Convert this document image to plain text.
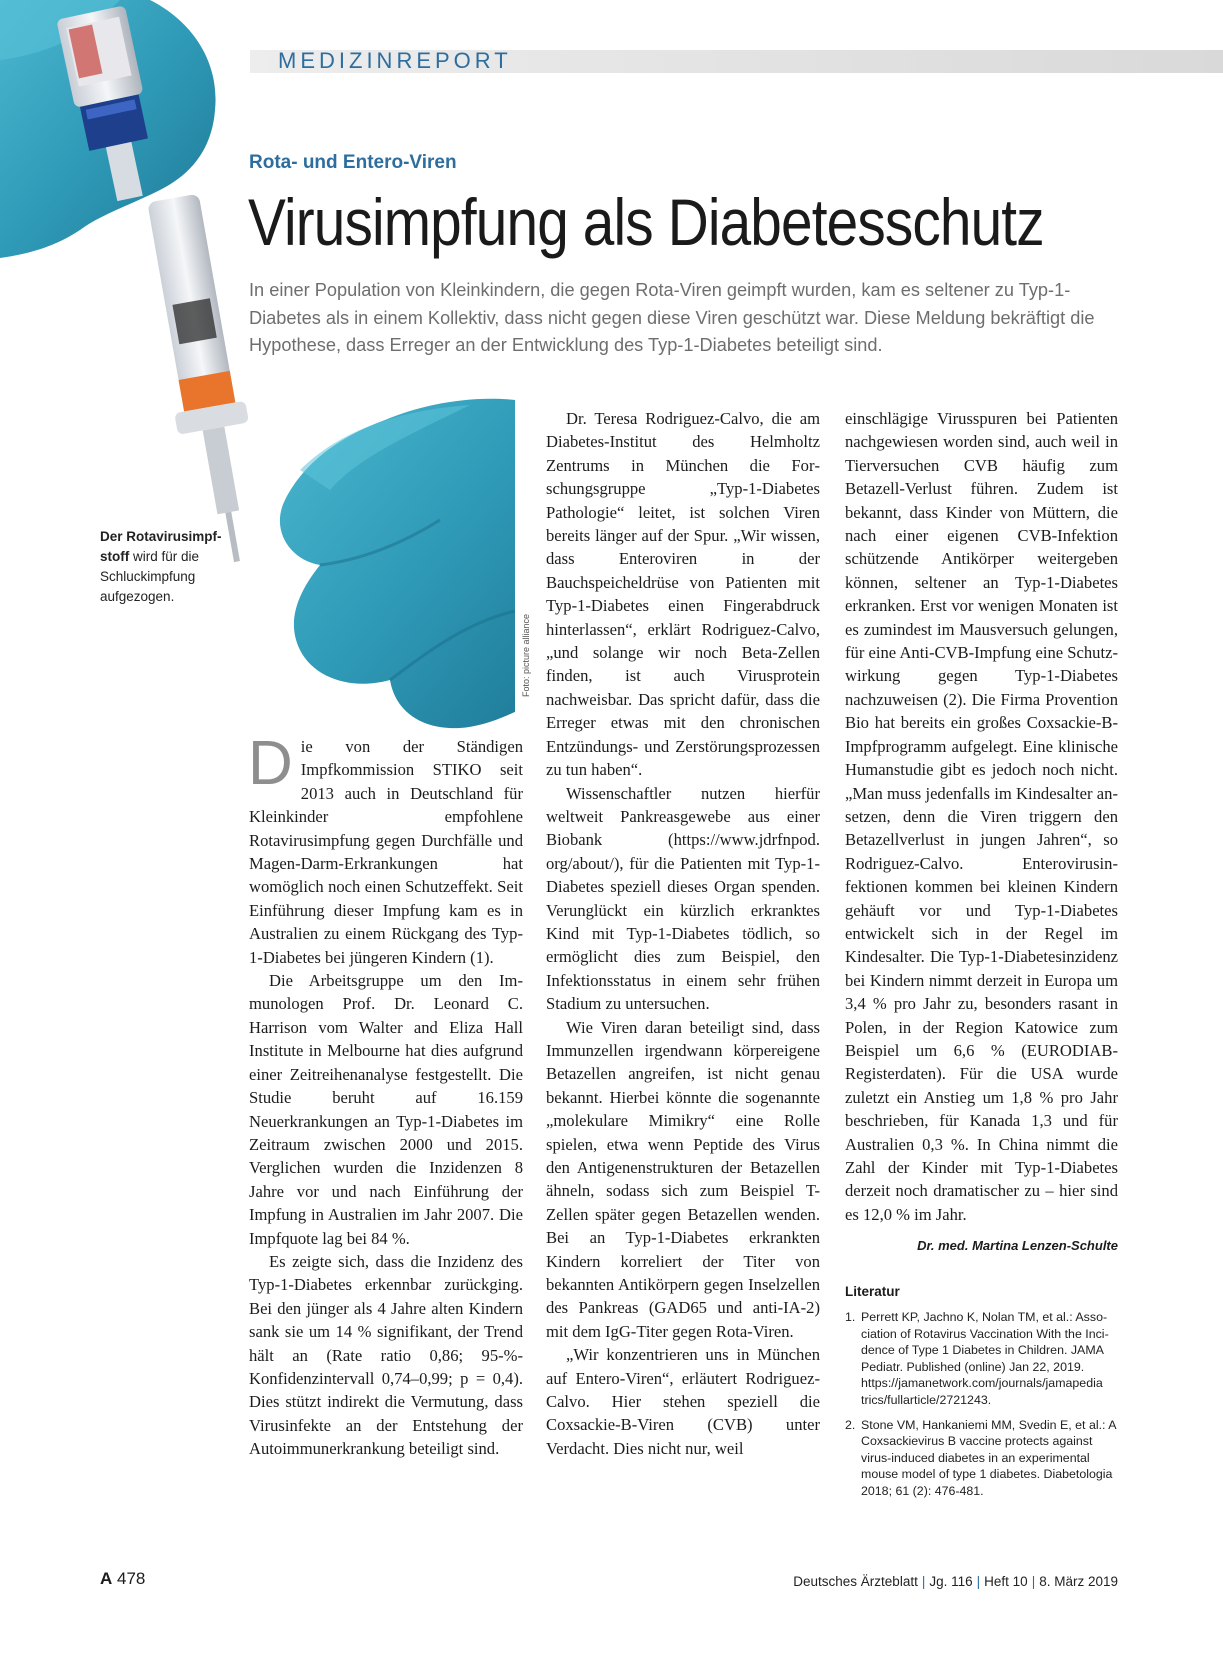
MEDIZINREPORT
Rota- und Entero-Viren
Virusimpfung als Diabetesschutz
In einer Population von Kleinkindern, die gegen Rota-Viren geimpft wurden, kam es seltener zu Typ-1-Diabetes als in einem Kollektiv, dass nicht gegen diese Viren geschützt war. Diese Meldung bekräftigt die Hypothese, dass Erreger an der Entwicklung des Typ-1-Diabetes beteiligt sind.
Der Rotavirusimpfstoff wird für die Schluckimpfung aufgezogen.
Foto: picture alliance

Die von der Ständigen Impfkommission STIKO seit 2013 auch in Deutschland für Kleinkinder empfohlene Rotavirusimpfung gegen Durchfälle und Magen-Darm-Erkrankungen hat womöglich noch einen Schutzeffekt. Seit Einführung dieser Impfung kam es in Australien zu einem Rückgang des Typ-1-Diabetes bei jüngeren Kindern (1).

Die Arbeitsgruppe um den Immunologen Prof. Dr. Leonard C. Harrison vom Walter and Eliza Hall Institute in Melbourne hat dies aufgrund einer Zeitreihenanalyse festgestellt. Die Studie beruht auf 16.159 Neuerkrankungen an Typ-1-Diabetes im Zeitraum zwischen 2000 und 2015. Verglichen wurden die Inzidenzen 8 Jahre vor und nach Einführung der Impfung in Australien im Jahr 2007. Die Impfquote lag bei 84 %.

Es zeigte sich, dass die Inzidenz des Typ-1-Diabetes erkennbar zurückging. Bei den jünger als 4 Jahre alten Kindern sank sie um 14 % signifikant, der Trend hält an (Rate ratio 0,86; 95-%-Konfidenzintervall 0,74–0,99; p = 0,4). Dies stützt indirekt die Vermutung, dass Virusinfekte an der Entstehung der Autoimmunerkrankung beteiligt sind.

Dr. Teresa Rodriguez-Calvo, die am Diabetes-Institut des Helmholtz Zentrums in München die Forschungsgruppe „Typ-1-Diabetes Pathologie“ leitet, ist solchen Viren bereits länger auf der Spur. „Wir wissen, dass Enteroviren in der Bauchspeicheldrüse von Patienten mit Typ-1-Diabetes einen Fingerabdruck hinterlassen“, erklärt Rodriguez-Calvo, „und solange wir noch Beta-Zellen finden, ist auch Virusprotein nachweisbar. Das spricht dafür, dass die Erreger etwas mit den chronischen Entzündungs- und Zerstörungsprozessen zu tun haben“.

Wissenschaftler nutzen hierfür weltweit Pankreasgewebe aus einer Biobank (https://www.jdrfnpod. org/about/), für die Patienten mit Typ-1-Diabetes speziell dieses Organ spenden. Verunglückt ein kürzlich erkranktes Kind mit Typ-1-Diabetes tödlich, so ermöglicht dies zum Beispiel, den Infektionsstatus in einem sehr frühen Stadium zu untersuchen.

Wie Viren daran beteiligt sind, dass Immunzellen irgendwann körpereigene Betazellen angreifen, ist nicht genau bekannt. Hierbei könnte die sogenannte „molekulare Mimikry“ eine Rolle spielen, etwa wenn Peptide des Virus den Antigenenstrukturen der Betazellen ähneln, sodass sich zum Beispiel T-Zellen später gegen Betazellen wenden. Bei an Typ-1-Diabetes erkrankten Kindern korreliert der Titer von bekannten Antikörpern gegen Inselzellen des Pankreas (GAD65 und anti-IA-2) mit dem IgG-Titer gegen Rota-Viren.

„Wir konzentrieren uns in München auf Entero-Viren“, erläutert Rodriguez-Calvo. Hier stehen speziell die Coxsackie-B-Viren (CVB) unter Verdacht. Dies nicht nur, weil

einschlägige Virusspuren bei Patienten nachgewiesen worden sind, auch weil in Tierversuchen CVB häufig zum Betazell-Verlust führen. Zudem ist bekannt, dass Kinder von Müttern, die nach einer eigenen CVB-Infektion schützende Antikörper weitergeben können, seltener an Typ-1-Diabetes erkranken. Erst vor wenigen Monaten ist es zumindest im Mausversuch gelungen, für eine Anti-CVB-Impfung eine Schutzwirkung gegen Typ-1-Diabetes nachzuweisen (2). Die Firma Provention Bio hat bereits ein großes Coxsackie-B-Impfprogramm aufgelegt. Eine klinische Humanstudie gibt es jedoch noch nicht. „Man muss jedenfalls im Kindesalter ansetzen, denn die Viren triggern den Betazellverlust in jungen Jahren“, so Rodriguez-Calvo. Enterovirusinfektionen kommen bei kleinen Kindern gehäuft vor und Typ-1-Diabetes entwickelt sich in der Regel im Kindesalter. Die Typ-1-Diabetesinzidenz bei Kindern nimmt derzeit in Europa um 3,4 % pro Jahr zu, besonders rasant in Polen, in der Region Katowice zum Beispiel um 6,6 % (EURODIAB-Registerdaten). Für die USA wurde zuletzt ein Anstieg um 1,8 % pro Jahr beschrieben, für Kanada 1,3 und für Australien 0,3 %. In China nimmt die Zahl der Kinder mit Typ-1-Diabetes derzeit noch dramatischer zu – hier sind es 12,0 % im Jahr.

Dr. med. Martina Lenzen-Schulte
Literatur
1. Perrett KP, Jachno K, Nolan TM, et al.: Association of Rotavirus Vaccination With the Incidence of Type 1 Diabetes in Children. JAMA Pediatr. Published (online) Jan 22, 2019. https://jamanetwork.com/journals/jamapedia trics/fullarticle/2721243.
2. Stone VM, Hankaniemi MM, Svedin E, et al.: A Coxsackievirus B vaccine protects against virus-induced diabetes in an experimental mouse model of type 1 diabetes. Diabetologia 2018; 61 (2): 476-481.
A 478	Deutsches Ärzteblatt | Jg. 116 | Heft 10 | 8. März 2019
